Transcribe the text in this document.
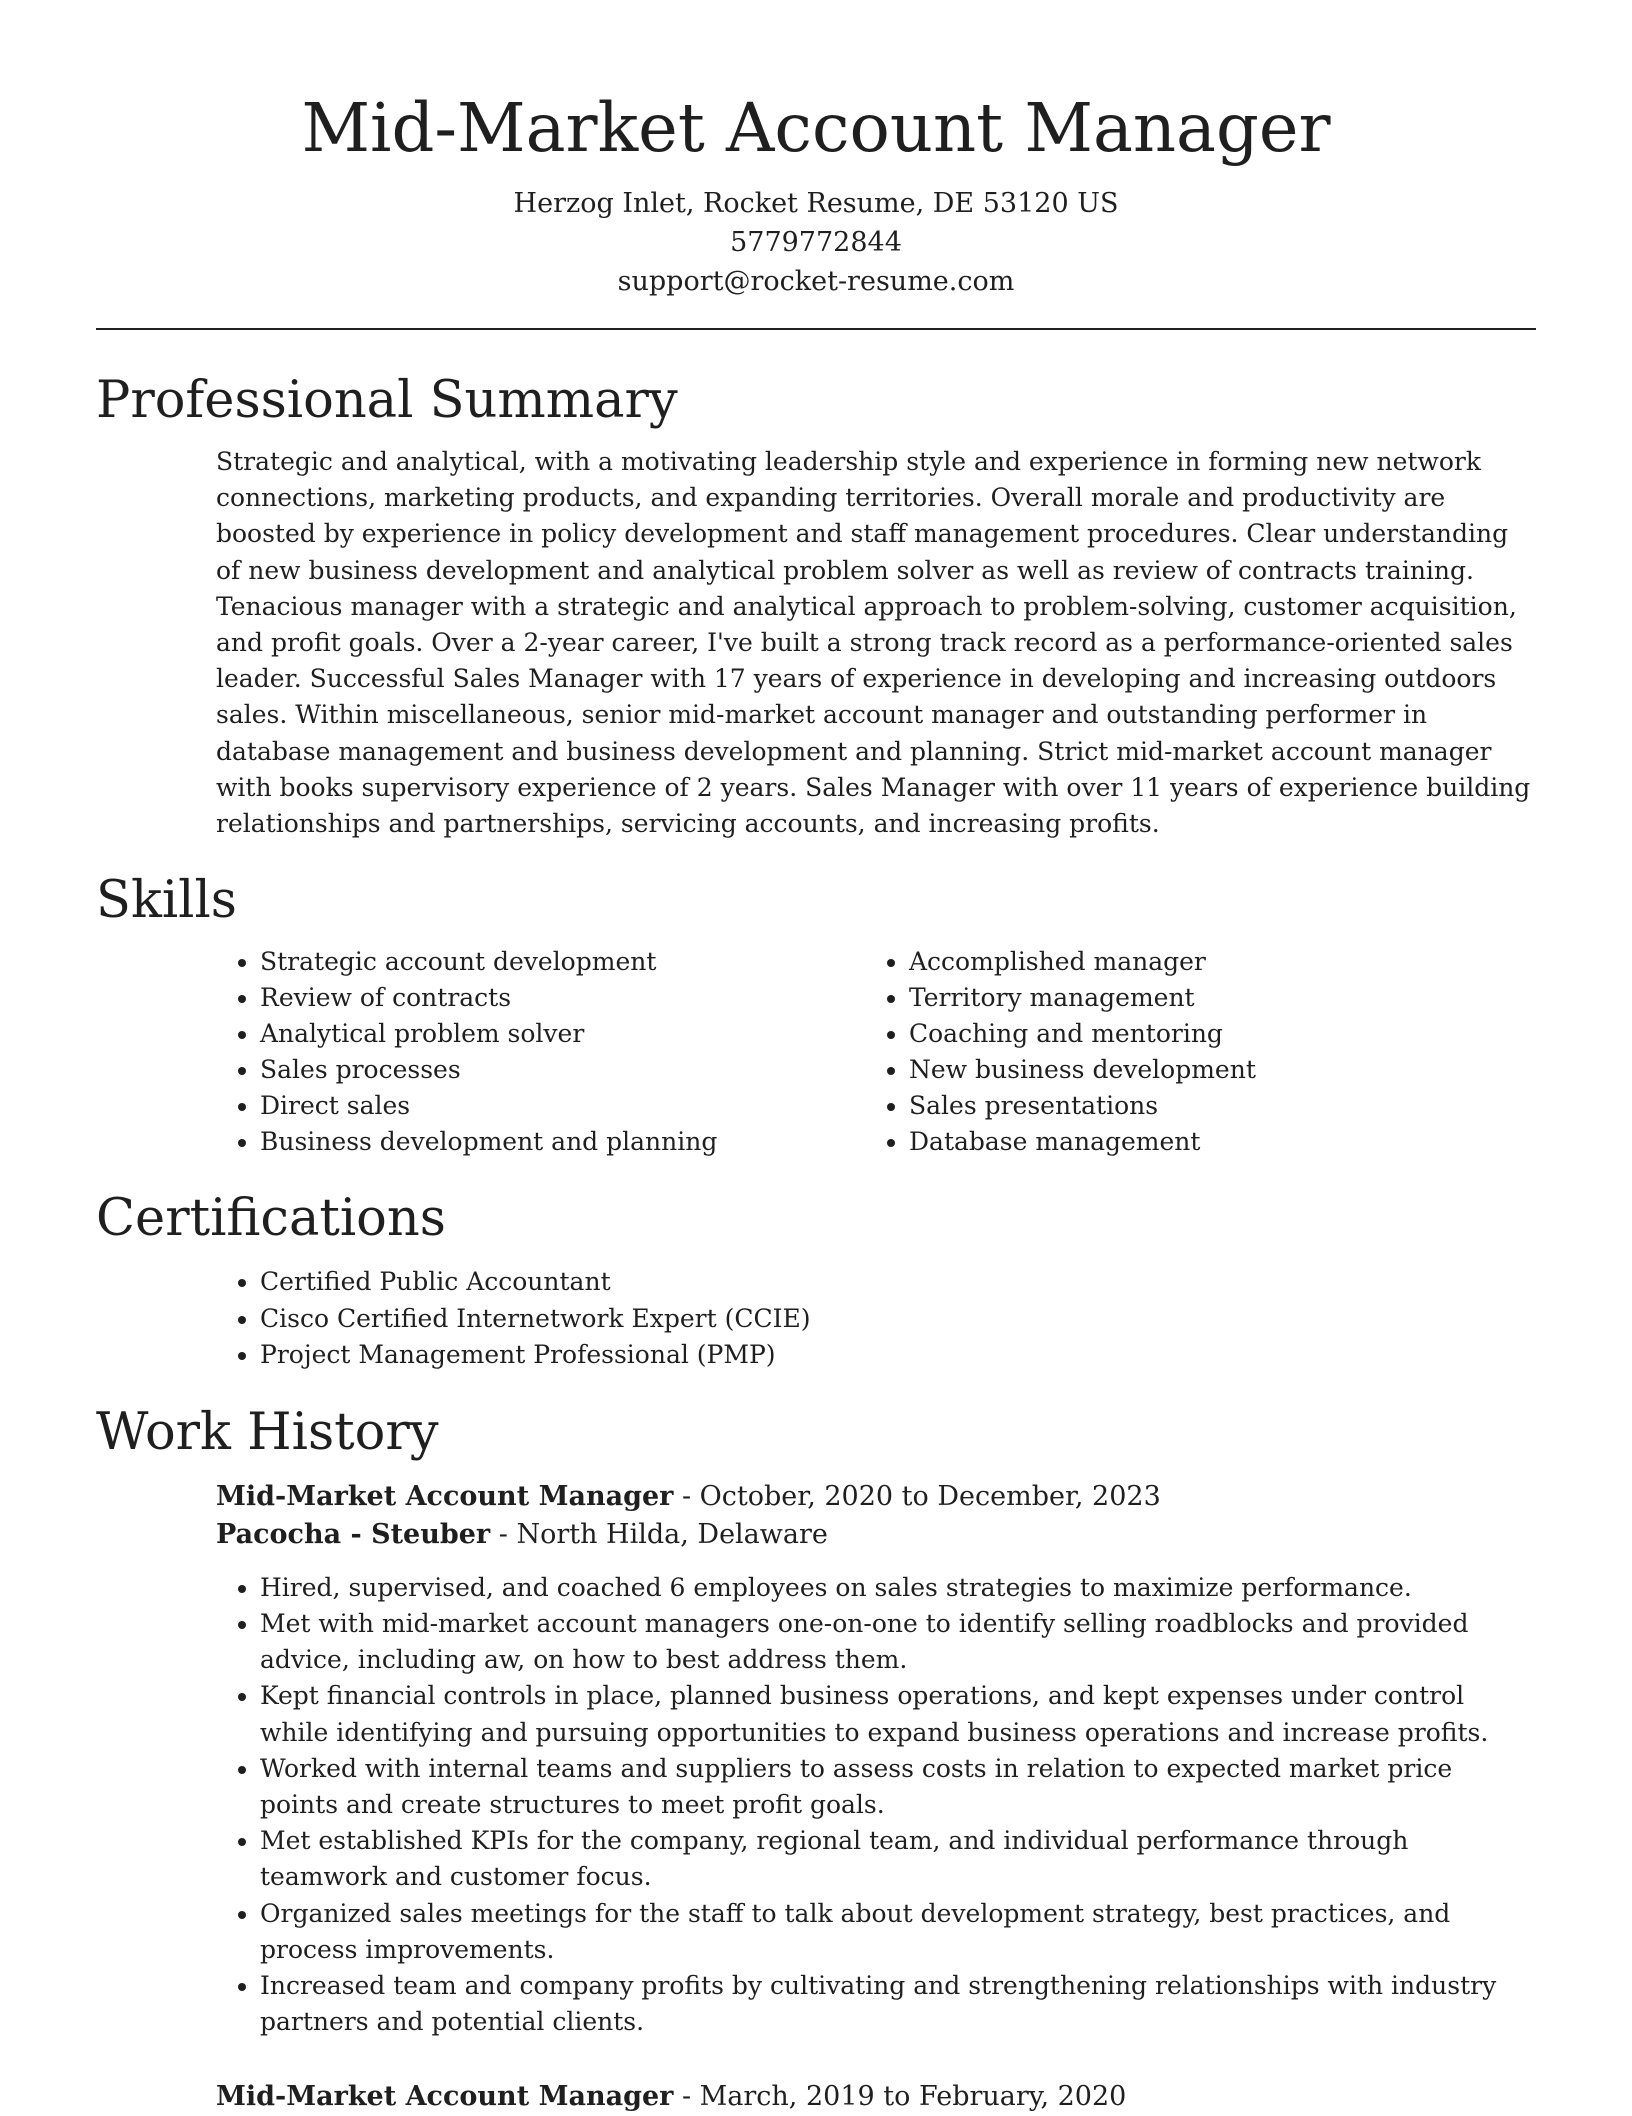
Mid-Market Account Manager
Herzog Inlet, Rocket Resume, DE 53120 US
5779772844
support@rocket-resume.com
Professional Summary

Strategic and analytical, with a motivating leadership style and experience in forming new network connections, marketing products, and expanding territories. Overall morale and productivity are boosted by experience in policy development and staff management procedures. Clear understanding of new business development and analytical problem solver as well as review of contracts training. Tenacious manager with a strategic and analytical approach to problem-solving, customer acquisition, and profit goals. Over a 2-year career, I've built a strong track record as a performance-oriented sales leader. Successful Sales Manager with 17 years of experience in developing and increasing outdoors sales. Within miscellaneous, senior mid-market account manager and outstanding performer in database management and business development and planning. Strict mid-market account manager with books supervisory experience of 2 years. Sales Manager with over 11 years of experience building relationships and partnerships, servicing accounts, and increasing profits.

Skills
• Strategic account development
• Review of contracts
• Analytical problem solver
• Sales processes
• Direct sales
• Business development and planning
• Accomplished manager
• Territory management
• Coaching and mentoring
• New business development
• Sales presentations
• Database management
Certifications
• Certified Public Accountant
• Cisco Certified Internetwork Expert (CCIE)
• Project Management Professional (PMP)
Work History
Mid-Market Account Manager - October, 2020 to December, 2023
Pacocha - Steuber - North Hilda, Delaware
• Hired, supervised, and coached 6 employees on sales strategies to maximize performance.
• Met with mid-market account managers one-on-one to identify selling roadblocks and provided advice, including aw, on how to best address them.
• Kept financial controls in place, planned business operations, and kept expenses under control while identifying and pursuing opportunities to expand business operations and increase profits.
• Worked with internal teams and suppliers to assess costs in relation to expected market price points and create structures to meet profit goals.
• Met established KPIs for the company, regional team, and individual performance through teamwork and customer focus.
• Organized sales meetings for the staff to talk about development strategy, best practices, and process improvements.
• Increased team and company profits by cultivating and strengthening relationships with industry partners and potential clients.
Mid-Market Account Manager - March, 2019 to February, 2020
